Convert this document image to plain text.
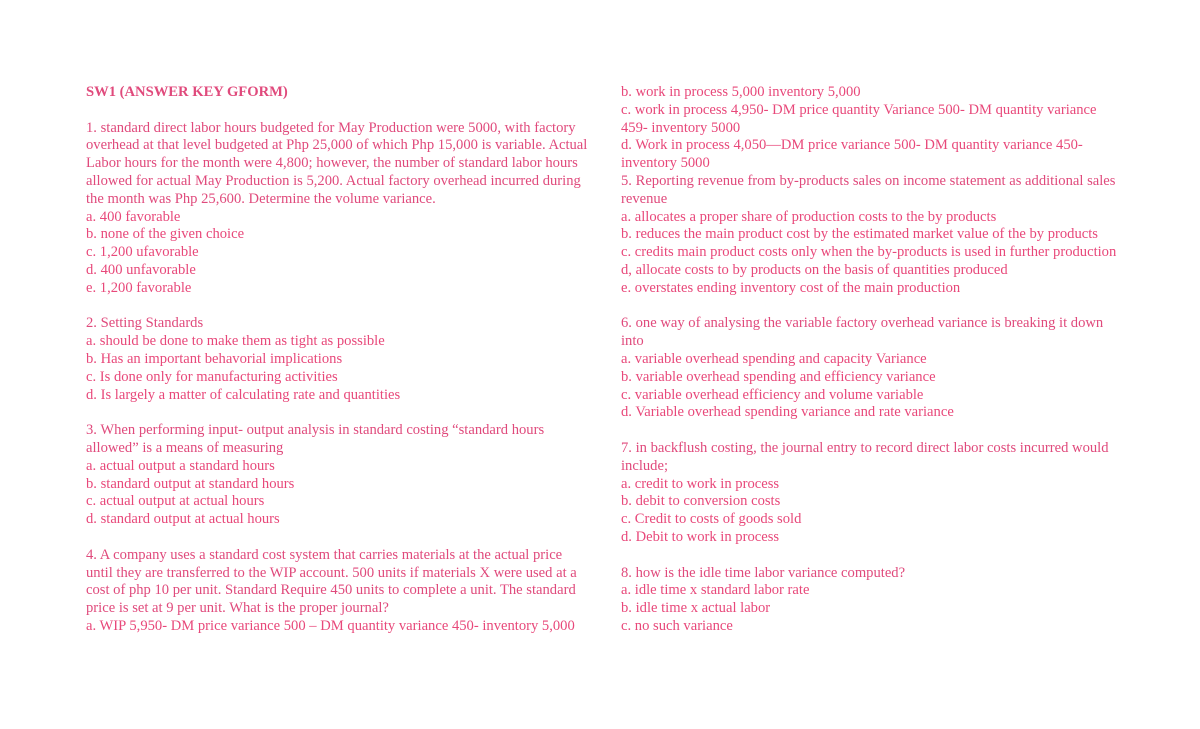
SW1 (ANSWER KEY GFORM)
1. standard direct labor hours budgeted for May Production were 5000, with factory
overhead at that level budgeted at Php 25,000 of which Php 15,000 is variable. Actual
Labor hours for the month were 4,800; however, the number of standard labor hours
allowed for actual May Production is 5,200. Actual factory overhead incurred during
the month was Php 25,600. Determine the volume variance.
a. 400 favorable
b. none of the given choice
c. 1,200 ufavorable
d. 400 unfavorable
e. 1,200 favorable
2. Setting Standards
a. should be done to make them as tight as possible
b. Has an important behavorial implications
c. Is done only for manufacturing activities
d. Is largely a matter of calculating rate and quantities
3. When performing input- output analysis in standard costing “standard hours
allowed” is a means of measuring
a. actual output a standard hours
b. standard output at standard hours
c. actual output at actual hours
d. standard output at actual hours
4. A company uses a standard cost system that carries materials at the actual price
until they are transferred to the WIP account. 500 units if materials X were used at a
cost of php 10 per unit. Standard Require 450 units to complete a unit. The standard
price is set at 9 per unit. What is the proper journal?
a. WIP 5,950- DM price variance 500 – DM quantity variance 450- inventory 5,000
b. work in process 5,000 inventory 5,000
c. work in process 4,950- DM price quantity Variance 500- DM quantity variance
459- inventory 5000
d. Work in process 4,050—DM price variance 500- DM quantity variance 450-
inventory 5000
5. Reporting revenue from by-products sales on income statement as additional sales
revenue
a. allocates a proper share of production costs to the by products
b. reduces the main product cost by the estimated market value of the by products
c. credits main product costs only when the by-products is used in further production
d, allocate costs to by products on the basis of quantities produced
e. overstates ending inventory cost of the main production
6. one way of analysing the variable factory overhead variance is breaking it down
into
a. variable overhead spending and capacity Variance
b. variable overhead spending and efficiency variance
c. variable overhead efficiency and volume variable
d. Variable overhead spending variance and rate variance
7. in backflush costing, the journal entry to record direct labor costs incurred would
include;
a. credit to work in process
b. debit to conversion costs
c. Credit to costs of goods sold
d. Debit to work in process
8. how is the idle time labor variance computed?
a. idle time x standard labor rate
b. idle time x actual labor
c. no such variance
